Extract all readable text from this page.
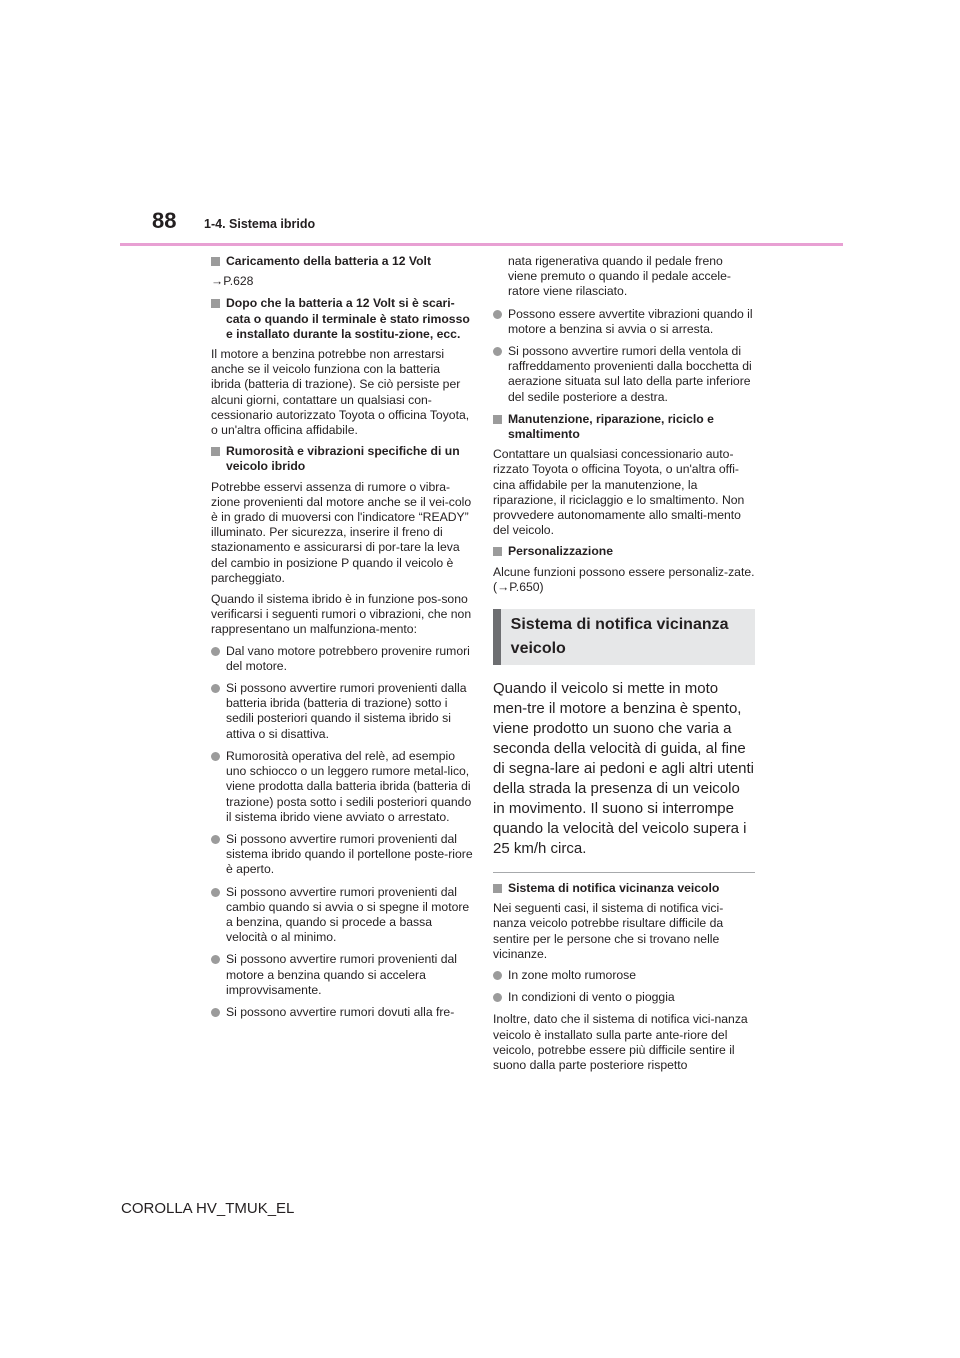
88 1-4. Sistema ibrido
Caricamento della batteria a 12 Volt
→P.628
Dopo che la batteria a 12 Volt si è scari-cata o quando il terminale è stato rimosso e installato durante la sostitu-zione, ecc.
Il motore a benzina potrebbe non arrestarsi anche se il veicolo funziona con la batteria ibrida (batteria di trazione). Se ciò persiste per alcuni giorni, contattare un qualsiasi con-cessionario autorizzato Toyota o officina Toyota, o un'altra officina affidabile.
Rumorosità e vibrazioni specifiche di un veicolo ibrido
Potrebbe esservi assenza di rumore o vibra-zione provenienti dal motore anche se il vei-colo è in grado di muoversi con l'indicatore “READY” illuminato. Per sicurezza, inserire il freno di stazionamento e assicurarsi di por-tare la leva del cambio in posizione P quando il veicolo è parcheggiato.
Quando il sistema ibrido è in funzione pos-sono verificarsi i seguenti rumori o vibrazioni, che non rappresentano un malfunziona-mento:
Dal vano motore potrebbero provenire rumori del motore.
Si possono avvertire rumori provenienti dalla batteria ibrida (batteria di trazione) sotto i sedili posteriori quando il sistema ibrido si attiva o si disattiva.
Rumorosità operativa del relè, ad esempio uno schiocco o un leggero rumore metal-lico, viene prodotta dalla batteria ibrida (batteria di trazione) posta sotto i sedili posteriori quando il sistema ibrido viene avviato o arrestato.
Si possono avvertire rumori provenienti dal sistema ibrido quando il portellone poste-riore è aperto.
Si possono avvertire rumori provenienti dal cambio quando si avvia o si spegne il motore a benzina, quando si procede a bassa velocità o al minimo.
Si possono avvertire rumori provenienti dal motore a benzina quando si accelera improvvisamente.
Si possono avvertire rumori dovuti alla fre-
nata rigenerativa quando il pedale freno viene premuto o quando il pedale accele-ratore viene rilasciato.
Possono essere avvertite vibrazioni quando il motore a benzina si avvia o si arresta.
Si possono avvertire rumori della ventola di raffreddamento provenienti dalla bocchetta di aerazione situata sul lato della parte inferiore del sedile posteriore a destra.
Manutenzione, riparazione, riciclo e smaltimento
Contattare un qualsiasi concessionario auto-rizzato Toyota o officina Toyota, o un'altra offi-cina affidabile per la manutenzione, la riparazione, il riciclaggio e lo smaltimento. Non provvedere autonomamente allo smalti-mento del veicolo.
Personalizzazione
Alcune funzioni possono essere personaliz-zate. (→P.650)
Sistema di notifica vicinanza veicolo
Quando il veicolo si mette in moto men-tre il motore a benzina è spento, viene prodotto un suono che varia a seconda della velocità di guida, al fine di segna-lare ai pedoni e agli altri utenti della strada la presenza di un veicolo in movimento. Il suono si interrompe quando la velocità del veicolo supera i 25 km/h circa.
Sistema di notifica vicinanza veicolo
Nei seguenti casi, il sistema di notifica vici-nanza veicolo potrebbe risultare difficile da sentire per le persone che si trovano nelle vicinanze.
In zone molto rumorose
In condizioni di vento o pioggia
Inoltre, dato che il sistema di notifica vici-nanza veicolo è installato sulla parte ante-riore del veicolo, potrebbe essere più difficile sentire il suono dalla parte posteriore rispetto
COROLLA HV_TMUK_EL
